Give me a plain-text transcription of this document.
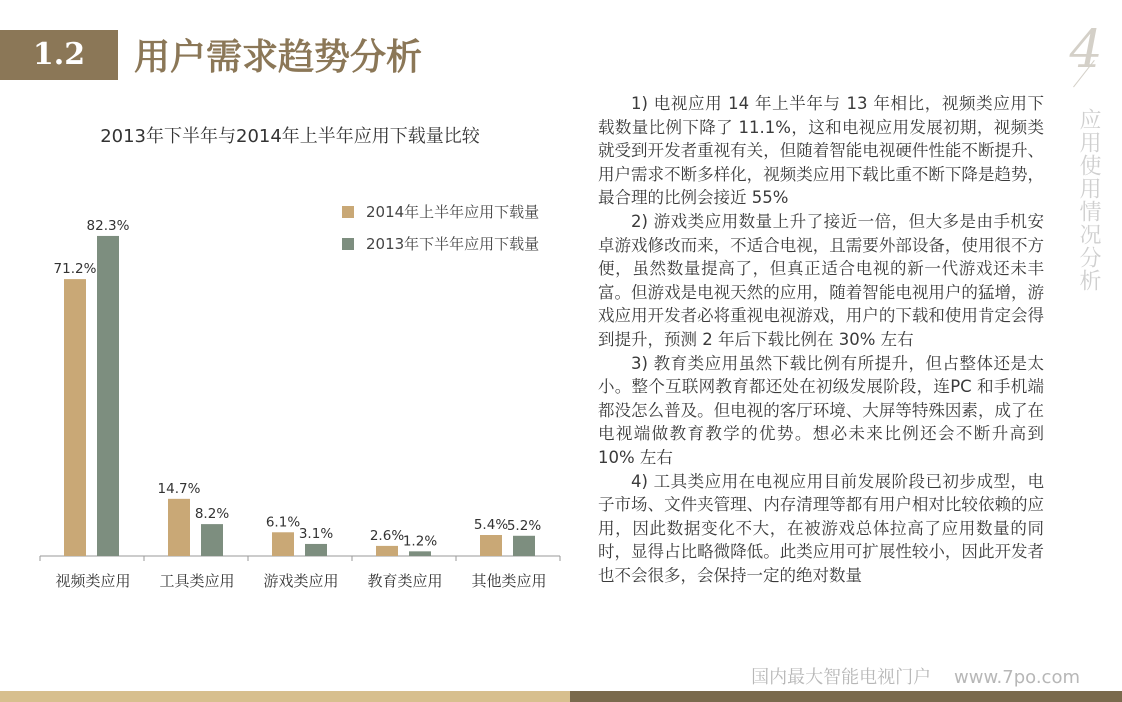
1.2	用户需求趋势分析	4
应用使用情况分析
2013年下半年与2014年上半年应用下载量比较
71.2%
82.3%
视频类应用
14.7%
8.2%
工具类应用
6.1%
3.1%
游戏类应用
2.6%
1.2%
教育类应用
5.4%
5.2%
其他类应用
2014年上半年应用下载量
2013年下半年应用下载量

1) 电视应用 14 年上半年与 13 年相比，视频类应用下载数量比例下降了 11.1%，这和电视应用发展初期，视频类就受到开发者重视有关，但随着智能电视硬件性能不断提升、用户需求不断多样化，视频类应用下载比重不断下降是趋势，最合理的比例会接近 55%

2) 游戏类应用数量上升了接近一倍，但大多是由手机安卓游戏修改而来，不适合电视，且需要外部设备，使用很不方便，虽然数量提高了，但真正适合电视的新一代游戏还未丰富。但游戏是电视天然的应用，随着智能电视用户的猛增，游戏应用开发者必将重视电视游戏，用户的下载和使用肯定会得到提升，预测 2 年后下载比例在 30% 左右

3) 教育类应用虽然下载比例有所提升，但占整体还是太小。整个互联网教育都还处在初级发展阶段，连PC 和手机端都没怎么普及。但电视的客厅环境、大屏等特殊因素，成了在电视端做教育教学的优势。想必未来比例还会不断升高到 10% 左右

4) 工具类应用在电视应用目前发展阶段已初步成型，电子市场、文件夹管理、内存清理等都有用户相对比较依赖的应用，因此数据变化不大，在被游戏总体拉高了应用数量的同时，显得占比略微降低。此类应用可扩展性较小，因此开发者也不会很多，会保持一定的绝对数量

国内最大智能电视门户 www.7po.com
